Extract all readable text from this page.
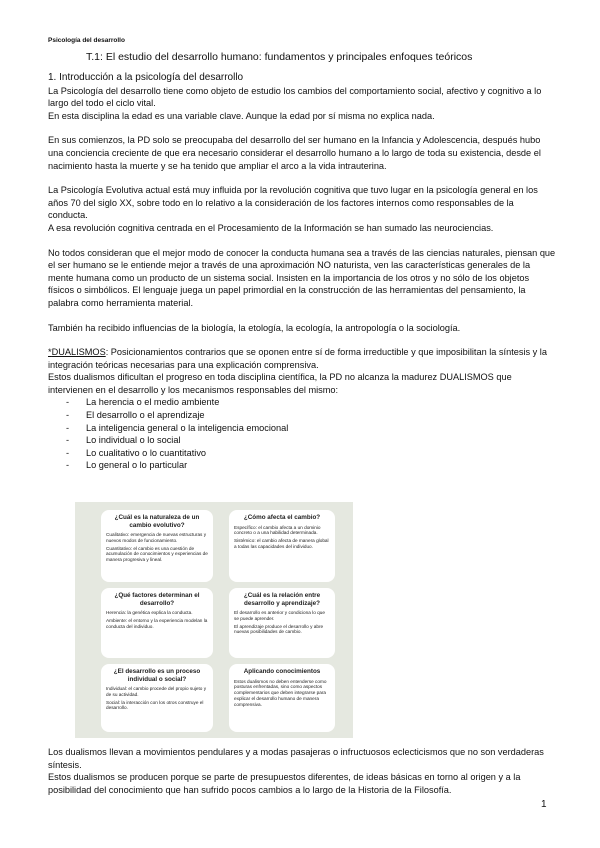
Psicología del desarrollo
T.1: El estudio del desarrollo humano: fundamentos y principales enfoques teóricos

1. Introducción a la psicología del desarrollo

La Psicología del desarrollo tiene como objeto de estudio los cambios del comportamiento social, afectivo y cognitivo a lo largo del todo el ciclo vital.

En esta disciplina la edad es una variable clave. Aunque la edad por sí misma no explica nada.

En sus comienzos, la PD solo se preocupaba del desarrollo del ser humano en la Infancia y Adolescencia, después hubo una conciencia creciente de que era necesario considerar el desarrollo humano a lo largo de toda su existencia, desde el nacimiento hasta la muerte y se ha tenido que ampliar el arco a la vida intrauterina.

La Psicología Evolutiva actual está muy influida por la revolución cognitiva que tuvo lugar en la psicología general en los años 70 del siglo XX, sobre todo en lo relativo a la consideración de los factores internos como responsables de la conducta.

A esa revolución cognitiva centrada en el Procesamiento de la Información se han sumado las neurociencias.

No todos consideran que el mejor modo de conocer la conducta humana sea a través de las ciencias naturales, piensan que el ser humano se le entiende mejor a través de una aproximación NO naturista, ven las características generales de la mente humana como un producto de un sistema social. Insisten en la importancia de los otros y no sólo de los objetos físicos o simbólicos. El lenguaje juega un papel primordial en la construcción de las herramientas del pensamiento, la palabra como herramienta material.

También ha recibido influencias de la biología, la etología, la ecología, la antropología o la sociología.

*DUALISMOS: Posicionamientos contrarios que se oponen entre sí de forma irreductible y que imposibilitan la síntesis y la integración teóricas necesarias para una explicación comprensiva.

Estos dualismos dificultan el progreso en toda disciplina científica, la PD no alcanza la madurez DUALISMOS que intervienen en el desarrollo y los mecanismos responsables del mismo:

- La herencia o el medio ambiente
- El desarrollo o el aprendizaje
- La inteligencia general o la inteligencia emocional
- Lo individual o lo social
- Lo cualitativo o lo cuantitativo
- Lo general o lo particular
¿Cuál es la naturaleza de un cambio evolutivo?
Cualitativo: emergencia de nuevas estructuras y nuevos modos de funcionamiento.
Cuantitativo: el cambio es una cuestión de acumulación de conocimientos y experiencias de manera progresiva y lineal.
¿Cómo afecta el cambio?
Específico: el cambio afecta a un dominio concreto o a una habilidad determinada.
Sistémico: el cambio afecta de manera global a todas las capacidades del individuo.
¿Qué factores determinan el desarrollo?
Herencia: la genética explica la conducta.
Ambiente: el entorno y la experiencia modelan la conducta del individuo.
¿Cuál es la relación entre desarrollo y aprendizaje?
El desarrollo es anterior y condiciona lo que se puede aprender.
El aprendizaje produce el desarrollo y abre nuevas posibilidades de cambio.
¿El desarrollo es un proceso individual o social?
Individual: el cambio procede del propio sujeto y de su actividad.
Social: la interacción con los otros construye el desarrollo.
Aplicando conocimientos
Estos dualismos no deben entenderse como posturas enfrentadas, sino como aspectos complementarios que deben integrarse para explicar el desarrollo humano de manera comprensiva.

Los dualismos llevan a movimientos pendulares y a modas pasajeras o infructuosos eclecticismos que no son verdaderas síntesis.

Estos dualismos se producen porque se parte de presupuestos diferentes, de ideas básicas en torno al origen y a la posibilidad del conocimiento que han sufrido pocos cambios a lo largo de la Historia de la Filosofía.

1
